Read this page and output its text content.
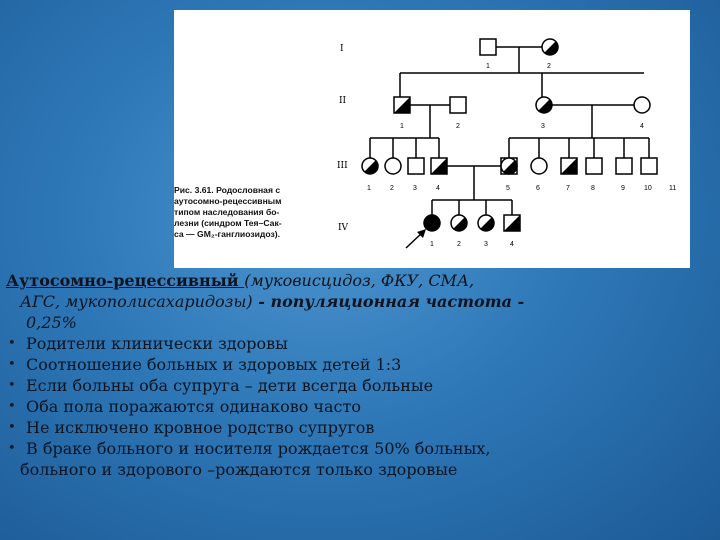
I
II
III
IV
1	2
1	2	3	4
1	2	3	4	5	6	7	8	9	10 11
1	2	3	4
Рис. 3.61. Родословная с
аутосомно-рецессивным
типом наследования бо-
лезни (синдром Тея–Сак-
са — GM₂-ганглиозидоз).
Аутосомно-рецессивный (муковисцидоз, ФКУ, СМА,
АГС, мукополисахаридозы) - популяционная частота -
0,25%
• Родители клинически здоровы
• Соотношение больных и здоровых детей 1:3
• Если больны оба супруга – дети всегда больные
• Оба пола поражаются одинаково часто
• Не исключено кровное родство супругов
• В браке больного и носителя рождается 50% больных,
больного и здорового –рождаются только здоровые
